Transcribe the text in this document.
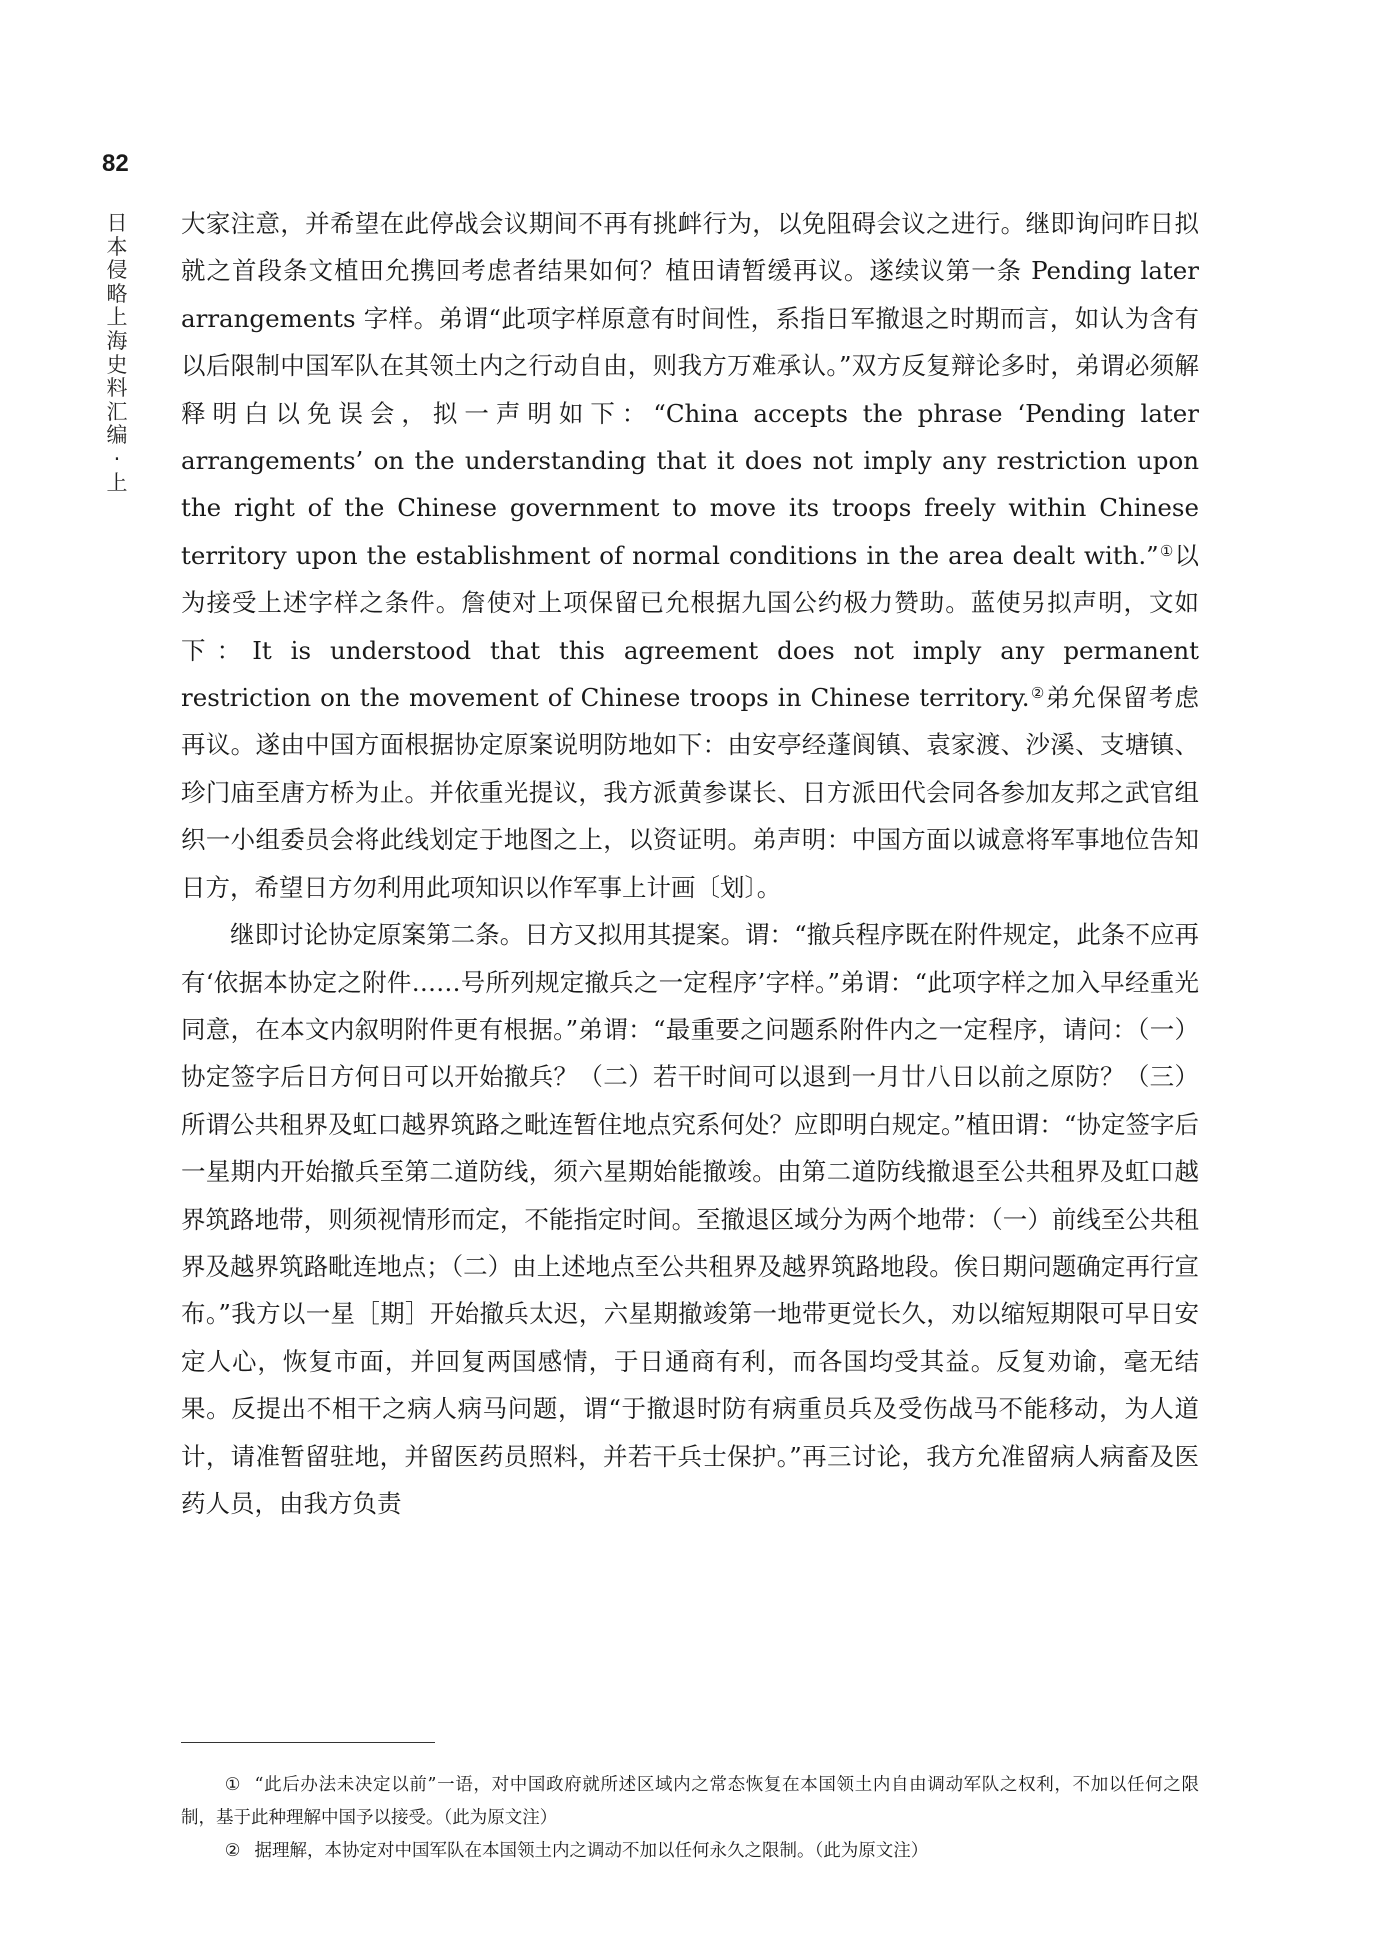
82
日本侵略上海史料汇编·上

大家注意，并希望在此停战会议期间不再有挑衅行为，以免阻碍会议之进行。继即询问昨日拟就之首段条文植田允携回考虑者结果如何？植田请暂缓再议。遂续议第一条 Pending later arrangements 字样。弟谓“此项字样原意有时间性，系指日军撤退之时期而言，如认为含有以后限制中国军队在其领土内之行动自由，则我方万难承认。”双方反复辩论多时，弟谓必须解释明白以免误会，拟一声明如下：“China accepts the phrase ‘Pending later arrangements’ on the understanding that it does not imply any restriction upon the right of the Chinese government to move its troops freely within Chinese territory upon the establishment of normal conditions in the area dealt with.”①以为接受上述字样之条件。詹使对上项保留已允根据九国公约极力赞助。蓝使另拟声明，文如下：It is understood that this agreement does not imply any permanent restriction on the movement of Chinese troops in Chinese territory.②弟允保留考虑再议。遂由中国方面根据协定原案说明防地如下：由安亭经蓬阆镇、袁家渡、沙溪、支塘镇、珍门庙至唐方桥为止。并依重光提议，我方派黄参谋长、日方派田代会同各参加友邦之武官组织一小组委员会将此线划定于地图之上，以资证明。弟声明：中国方面以诚意将军事地位告知日方，希望日方勿利用此项知识以作军事上计画〔划〕。

继即讨论协定原案第二条。日方又拟用其提案。谓：“撤兵程序既在附件规定，此条不应再有‘依据本协定之附件……号所列规定撤兵之一定程序’字样。”弟谓：“此项字样之加入早经重光同意，在本文内叙明附件更有根据。”弟谓：“最重要之问题系附件内之一定程序，请问：（一）协定签字后日方何日可以开始撤兵？（二）若干时间可以退到一月廿八日以前之原防？（三）所谓公共租界及虹口越界筑路之毗连暂住地点究系何处？应即明白规定。”植田谓：“协定签字后一星期内开始撤兵至第二道防线，须六星期始能撤竣。由第二道防线撤退至公共租界及虹口越界筑路地带，则须视情形而定，不能指定时间。至撤退区域分为两个地带：（一）前线至公共租界及越界筑路毗连地点；（二）由上述地点至公共租界及越界筑路地段。俟日期问题确定再行宣布。”我方以一星［期］开始撤兵太迟，六星期撤竣第一地带更觉长久，劝以缩短期限可早日安定人心，恢复市面，并回复两国感情，于日通商有利，而各国均受其益。反复劝谕，毫无结果。反提出不相干之病人病马问题，谓“于撤退时防有病重员兵及受伤战马不能移动，为人道计，请准暂留驻地，并留医药员照料，并若干兵士保护。”再三讨论，我方允准留病人病畜及医药人员，由我方负责

① “此后办法未决定以前”一语，对中国政府就所述区域内之常态恢复在本国领土内自由调动军队之权利，不加以任何之限制，基于此种理解中国予以接受。（此为原文注）

② 据理解，本协定对中国军队在本国领土内之调动不加以任何永久之限制。（此为原文注）
